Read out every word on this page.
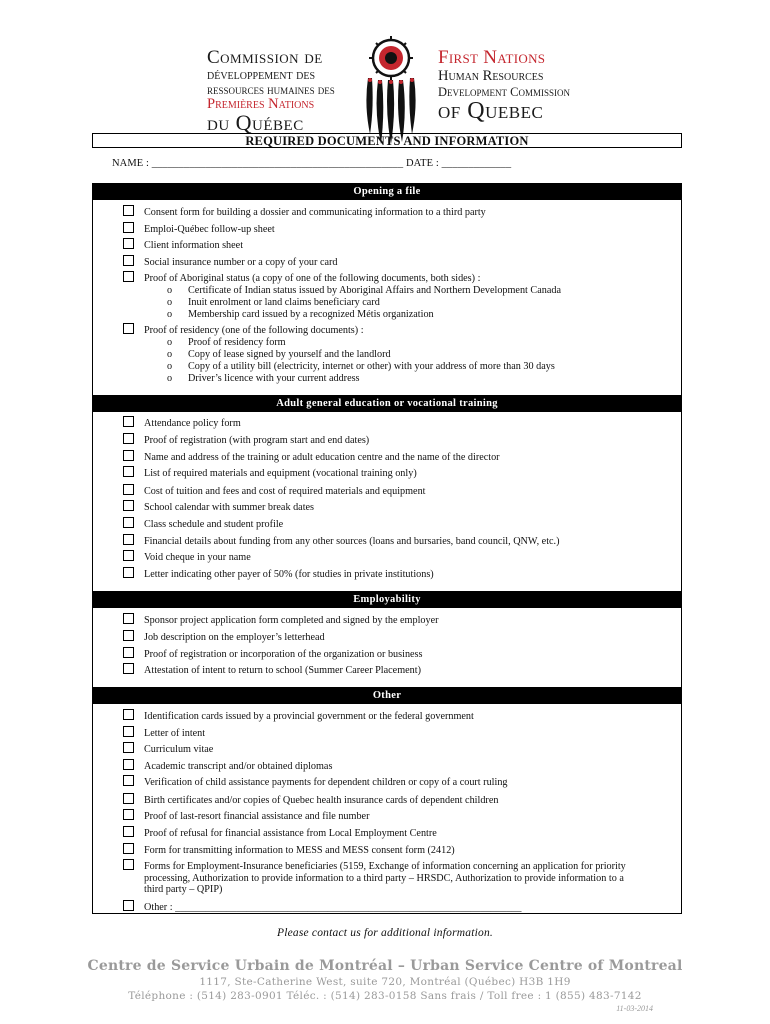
Commission de
développement des
ressources humaines des
Premières Nations
du Québec
First Nations
Human Resources
Development Commission
of Quebec
REQUIRED DOCUMENTS AND INFORMATION
NAME : _______________________________________________ DATE : _____________
Opening a file
Consent form for building a dossier and communicating information to a third party
Emploi-Québec follow-up sheet
Client information sheet
Social insurance number or a copy of your card
Proof of Aboriginal status (a copy of one of the following documents, both sides) :
o Certificate of Indian status issued by Aboriginal Affairs and Northern Development Canada
o Inuit enrolment or land claims beneficiary card
o Membership card issued by a recognized Métis organization
Proof of residency (one of the following documents) :
o Proof of residency form
o Copy of lease signed by yourself and the landlord
o Copy of a utility bill (electricity, internet or other) with your address of more than 30 days
o Driver’s licence with your current address
Adult general education or vocational training
Attendance policy form
Proof of registration (with program start and end dates)
Name and address of the training or adult education centre and the name of the director
List of required materials and equipment (vocational training only)
Cost of tuition and fees and cost of required materials and equipment
School calendar with summer break dates
Class schedule and student profile
Financial details about funding from any other sources (loans and bursaries, band council, QNW, etc.)
Void cheque in your name
Letter indicating other payer of 50% (for studies in private institutions)
Employability
Sponsor project application form completed and signed by the employer
Job description on the employer’s letterhead
Proof of registration or incorporation of the organization or business
Attestation of intent to return to school (Summer Career Placement)
Other
Identification cards issued by a provincial government or the federal government
Letter of intent
Curriculum vitae
Academic transcript and/or obtained diplomas
Verification of child assistance payments for dependent children or copy of a court ruling
Birth certificates and/or copies of Quebec health insurance cards of dependent children
Proof of last-resort financial assistance and file number
Proof of refusal for financial assistance from Local Employment Centre
Form for transmitting information to MESS and MESS consent form (2412)
Forms for Employment-Insurance beneficiaries (5159, Exchange of information concerning an application for priority processing, Authorization to provide information to a third party – HRSDC, Authorization to provide information to a third party – QPIP)
Other : ____________________________________________________________________
Please contact us for additional information.
Centre de Service Urbain de Montréal – Urban Service Centre of Montreal
1117, Ste-Catherine West, suite 720, Montréal (Québec) H3B 1H9
Téléphone : (514) 283-0901 Téléc. : (514) 283-0158 Sans frais / Toll free : 1 (855) 483-7142
11-03-2014
